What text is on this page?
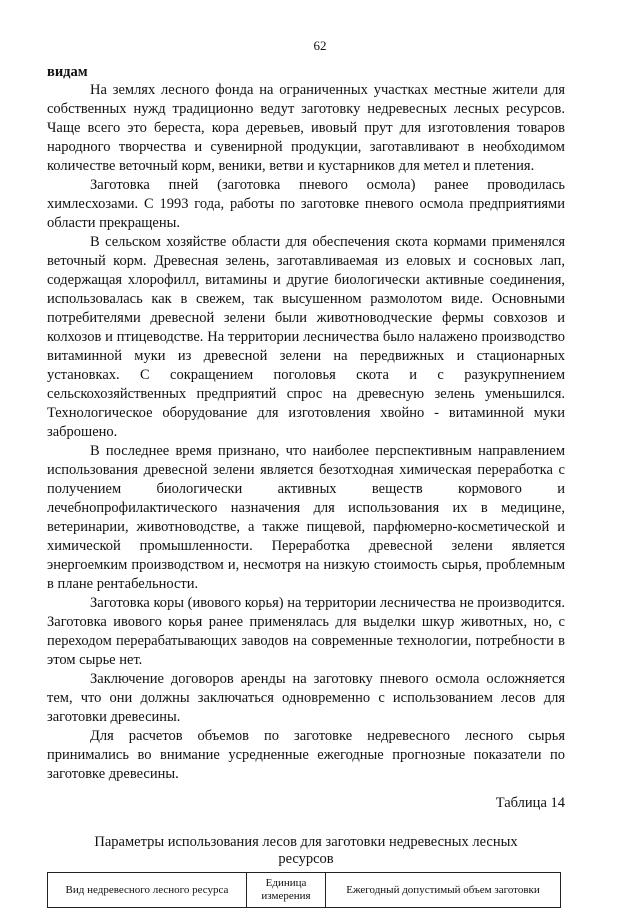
62

видам

На землях лесного фонда на ограниченных участках местные жители для собственных нужд традиционно ведут заготовку недревесных лесных ресурсов. Чаще всего это береста, кора деревьев, ивовый прут для изготовления товаров народного творчества и сувенирной продукции, заготавливают в необходимом количестве веточный корм, веники, ветви и кустарников для метел и плетения.

Заготовка пней (заготовка пневого осмола) ранее проводилась химлесхозами. С 1993 года, работы по заготовке пневого осмола предприятиями области прекращены.

В сельском хозяйстве области для обеспечения скота кормами применялся веточный корм. Древесная зелень, заготавливаемая из еловых и сосновых лап, содержащая хлорофилл, витамины и другие биологически активные соединения, использовалась как в свежем, так высушенном размолотом виде. Основными потребителями древесной зелени были животноводческие фермы совхозов и колхозов и птицеводстве. На территории лесничества было налажено производство витаминной муки из древесной зелени на передвижных и стационарных установках. С сокращением поголовья скота и с разукрупнением сельскохозяйственных предприятий спрос на древесную зелень уменьшился. Технологическое оборудование для изготовления хвойно - витаминной муки заброшено.

В последнее время признано, что наиболее перспективным направлением использования древесной зелени является безотходная химическая переработка с получением биологически активных веществ кормового и лечебнопрофилактического назначения для использования их в медицине, ветеринарии, животноводстве, а также пищевой, парфюмерно-косметической и химической промышленности. Переработка древесной зелени является энергоемким производством и, несмотря на низкую стоимость сырья, проблемным в плане рентабельности.

Заготовка коры (ивового корья) на территории лесничества не производится. Заготовка ивового корья ранее применялась для выделки шкур животных, но, с переходом перерабатывающих заводов на современные технологии, потребности в этом сырье нет.

Заключение договоров аренды на заготовку пневого осмола осложняется тем, что они должны заключаться одновременно с использованием лесов для заготовки древесины.

Для расчетов объемов по заготовке недревесного лесного сырья принимались во внимание усредненные ежегодные прогнозные показатели по заготовке древесины.

Таблица 14

Параметры использования лесов для заготовки недревесных лесных ресурсов

Вид недревесного лесного ресурса	Единица измерения	Ежегодный допустимый объем заготовки
